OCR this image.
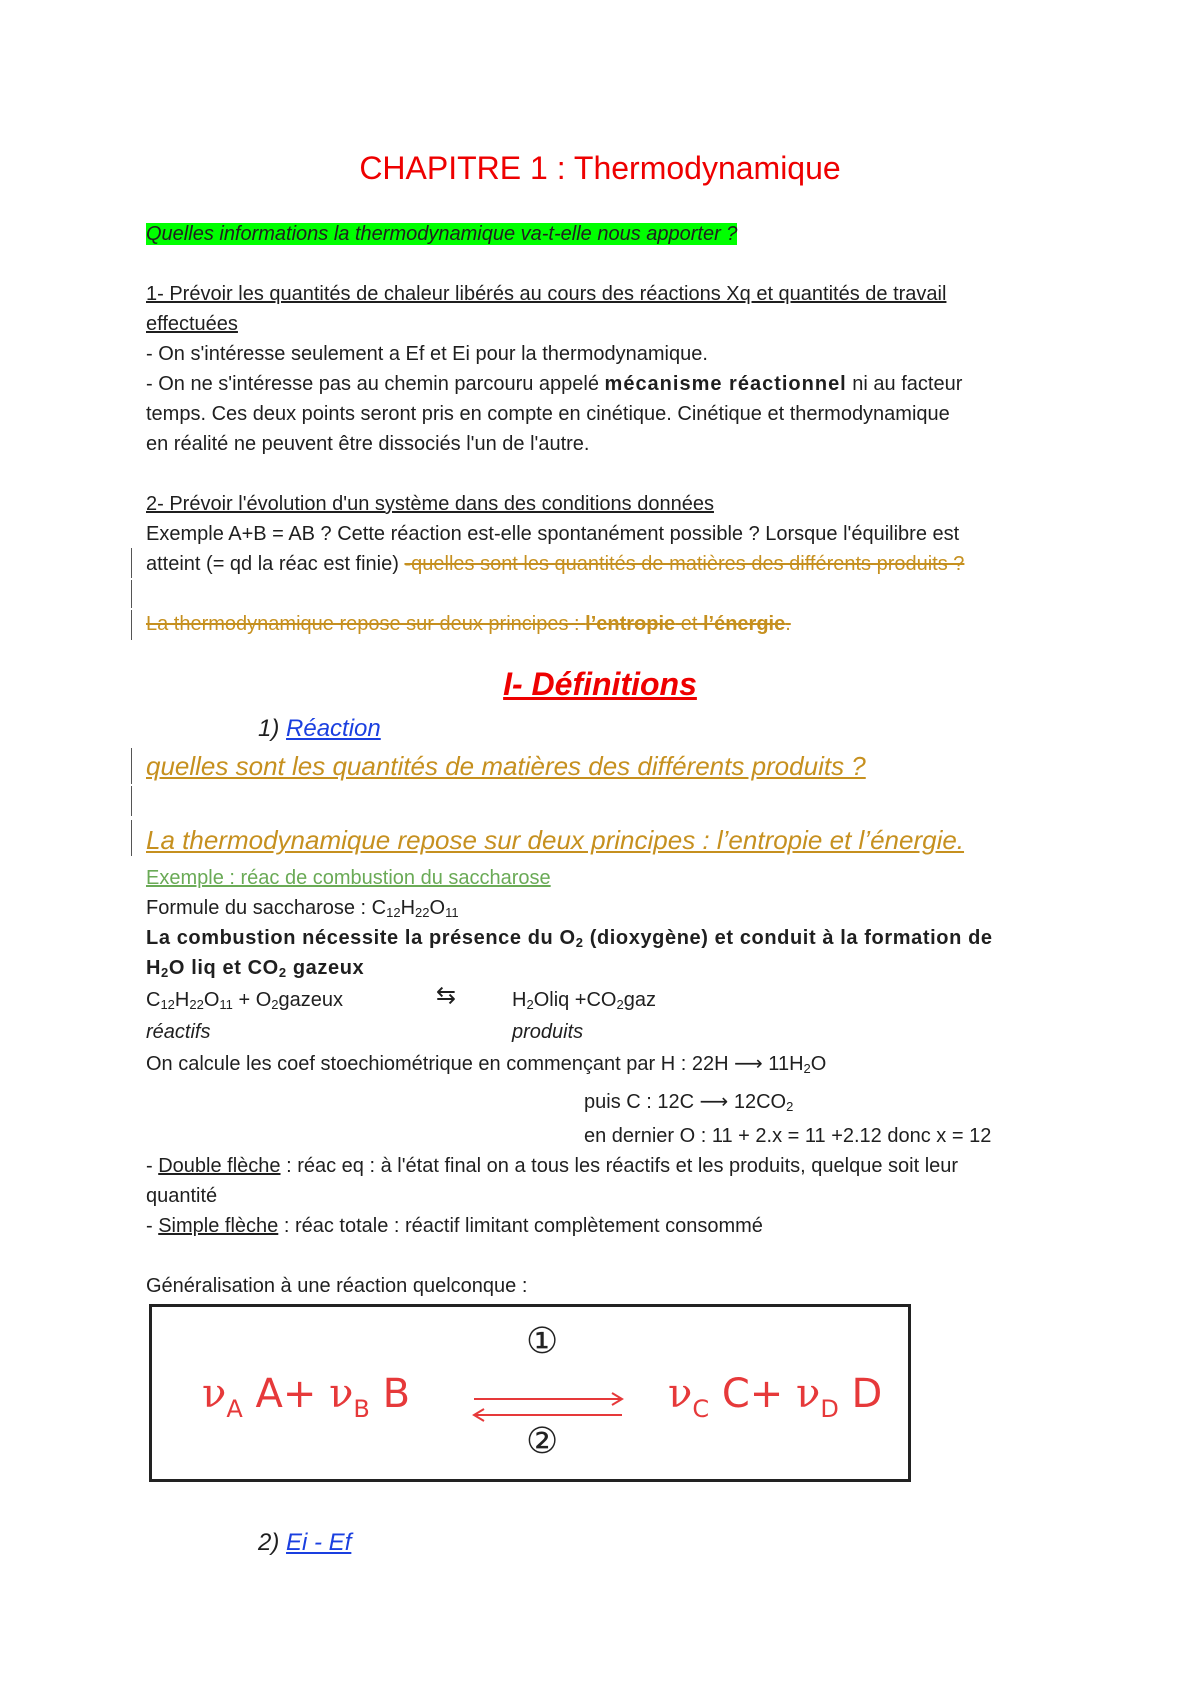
CHAPITRE 1 : Thermodynamique
Quelles informations la thermodynamique va-t-elle nous apporter ?
1- Prévoir les quantités de chaleur libérés au cours des réactions Xq et quantités de travail
effectuées
- On s'intéresse seulement a Ef et Ei pour la thermodynamique.
- On ne s'intéresse pas au chemin parcouru appelé mécanisme réactionnel ni au facteur
temps. Ces deux points seront pris en compte en cinétique. Cinétique et thermodynamique
en réalité ne peuvent être dissociés l'un de l'autre.
2- Prévoir l'évolution d'un système dans des conditions données
Exemple A+B = AB ? Cette réaction est-elle spontanément possible ? Lorsque l'équilibre est
atteint (= qd la réac est finie) -quelles sont les quantités de matières des différents produits ?
La thermodynamique repose sur deux principes : l’entropie et l’énergie.
I- Définitions
1) Réaction
quelles sont les quantités de matières des différents produits ?
La thermodynamique repose sur deux principes : l’entropie et l’énergie.
Exemple : réac de combustion du saccharose
Formule du saccharose : $C_{12}H_{22}O_{11}$
La combustion nécessite la présence du $O_2$ (dioxygène) et conduit à la formation de
$H_2O$ liq et $CO_2$ gazeux
$C_{12}H_{22}O_{11}$ + $O_2gazeux$	⇆	$H_2Oliq +CO_2gaz$
réactifs	produits
On calcule les coef stoechiométrique en commençant par H : 22H ⟶ $11H_2O$
puis C : 12C ⟶ $12CO_2$
en dernier O : 11 + 2.x = 11 +2.12 donc x = 12
- Double flèche : réac eq : à l'état final on a tous les réactifs et les produits, quelque soit leur
quantité
- Simple flèche : réac totale : réactif limitant complètement consommé
Généralisation à une réaction quelconque :
$\nu_A$ $A+ \nu_B$ B
①
②
$\nu_C$ $C+ \nu_D$ D
2) Ei - Ef
